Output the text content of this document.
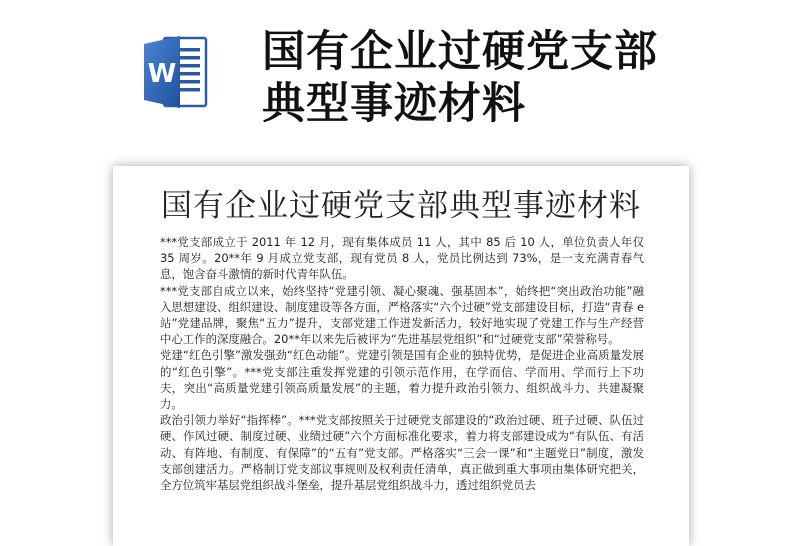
W 国有企业过硬党支部
典型事迹材料
国有企业过硬党支部典型事迹材料

***党支部成立于 2011 年 12 月，现有集体成员 11 人，其中 85 后 10 人，单位负责人年仅 35 周岁。20**年 9 月成立党支部，现有党员 8 人，党员比例达到 73%，是一支充满青春气息，饱含奋斗激情的新时代青年队伍。

***党支部自成立以来，始终坚持“党建引领、凝心聚魂、强基固本”，始终把“突出政治功能”融入思想建设、组织建设、制度建设等各方面，严格落实“六个过硬”党支部建设目标，打造“青春 e 站”党建品牌，聚焦“五力”提升，支部党建工作迸发新活力，较好地实现了党建工作与生产经营中心工作的深度融合。20**年以来先后被评为“先进基层党组织”和“过硬党支部”荣誉称号。

党建“红色引擎”激发强劲“红色动能”。党建引领是国有企业的独特优势，是促进企业高质量发展的“红色引擎”。***党支部注重发挥党建的引领示范作用，在学而信、学而用、学而行上下功夫，突出“高质量党建引领高质量发展”的主题，着力提升政治引领力、组织战斗力、共建凝聚力。

政治引领力举好“指挥棒”。***党支部按照关于过硬党支部建设的“政治过硬、班子过硬、队伍过硬、作风过硬、制度过硬、业绩过硬”六个方面标准化要求，着力将支部建设成为“有队伍、有活动、有阵地、有制度、有保障”的“五有”党支部。严格落实“三会一课”和“主题党日”制度，激发支部创建活力。严格制订党支部议事规则及权利责任清单，真正做到重大事项由集体研究把关，全方位筑牢基层党组织战斗堡垒，提升基层党组织战斗力，透过组织党员去
